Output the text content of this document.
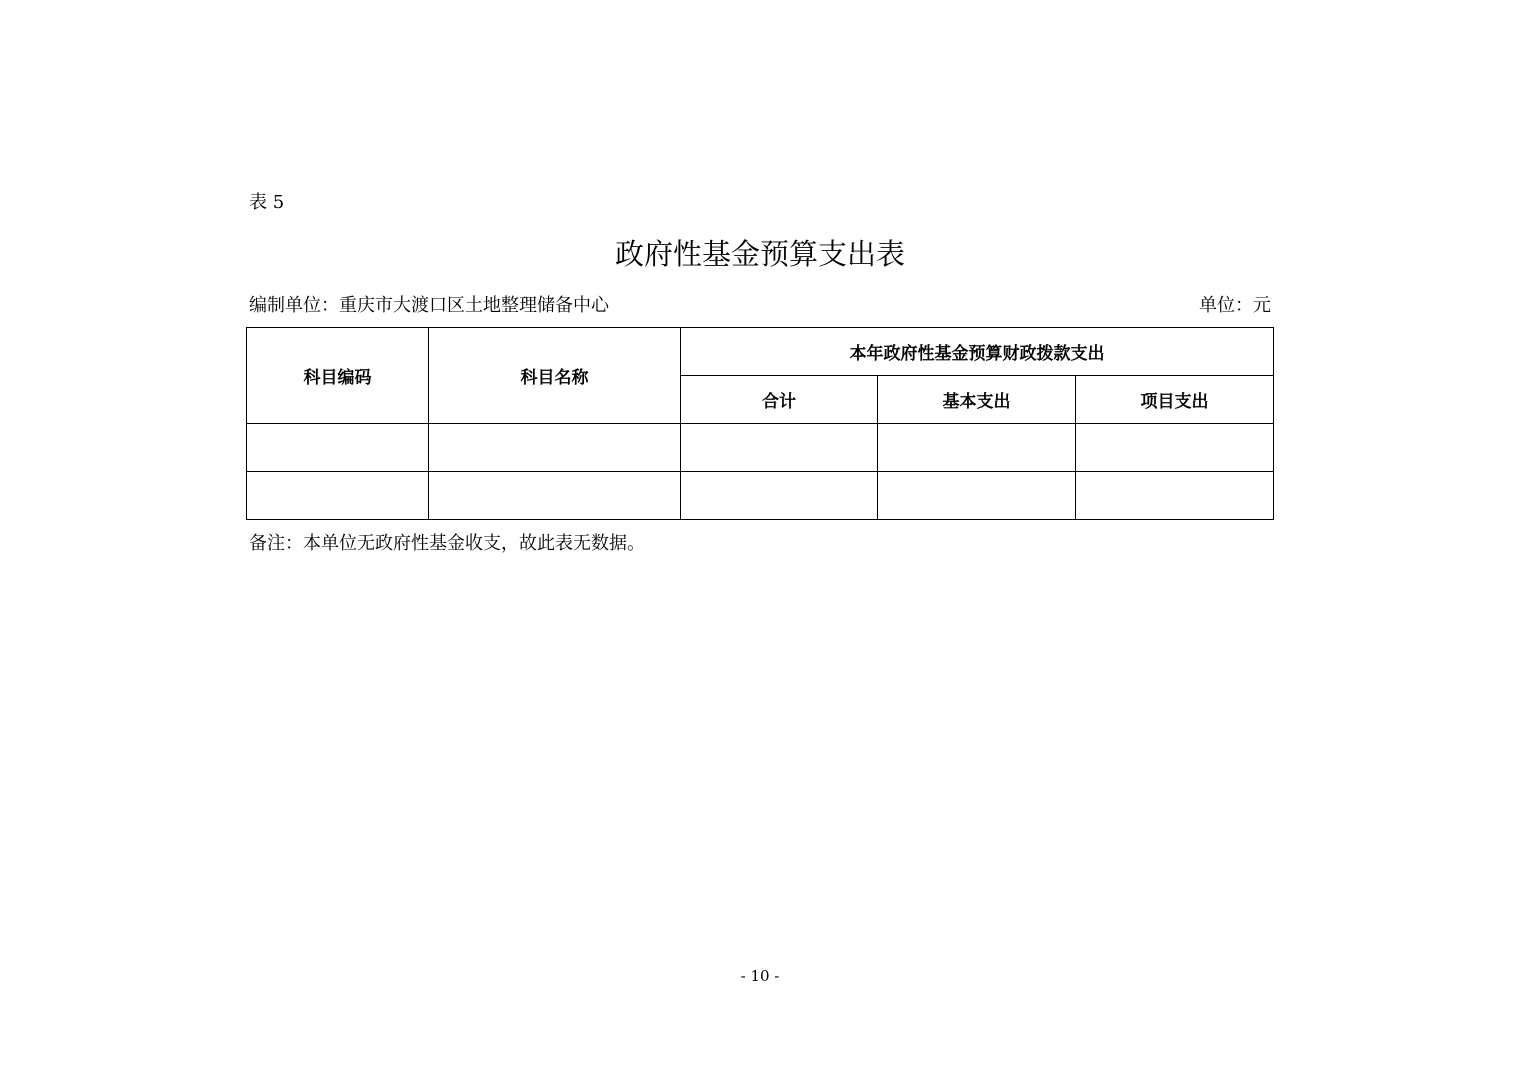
表 5
政府性基金预算支出表
编制单位：重庆市大渡口区土地整理储备中心	单位：元
科目编码	科目名称	本年政府性基金预算财政拨款支出		
		合计	基本支出	项目支出

备注：本单位无政府性基金收支，故此表无数据。
- 10 -
